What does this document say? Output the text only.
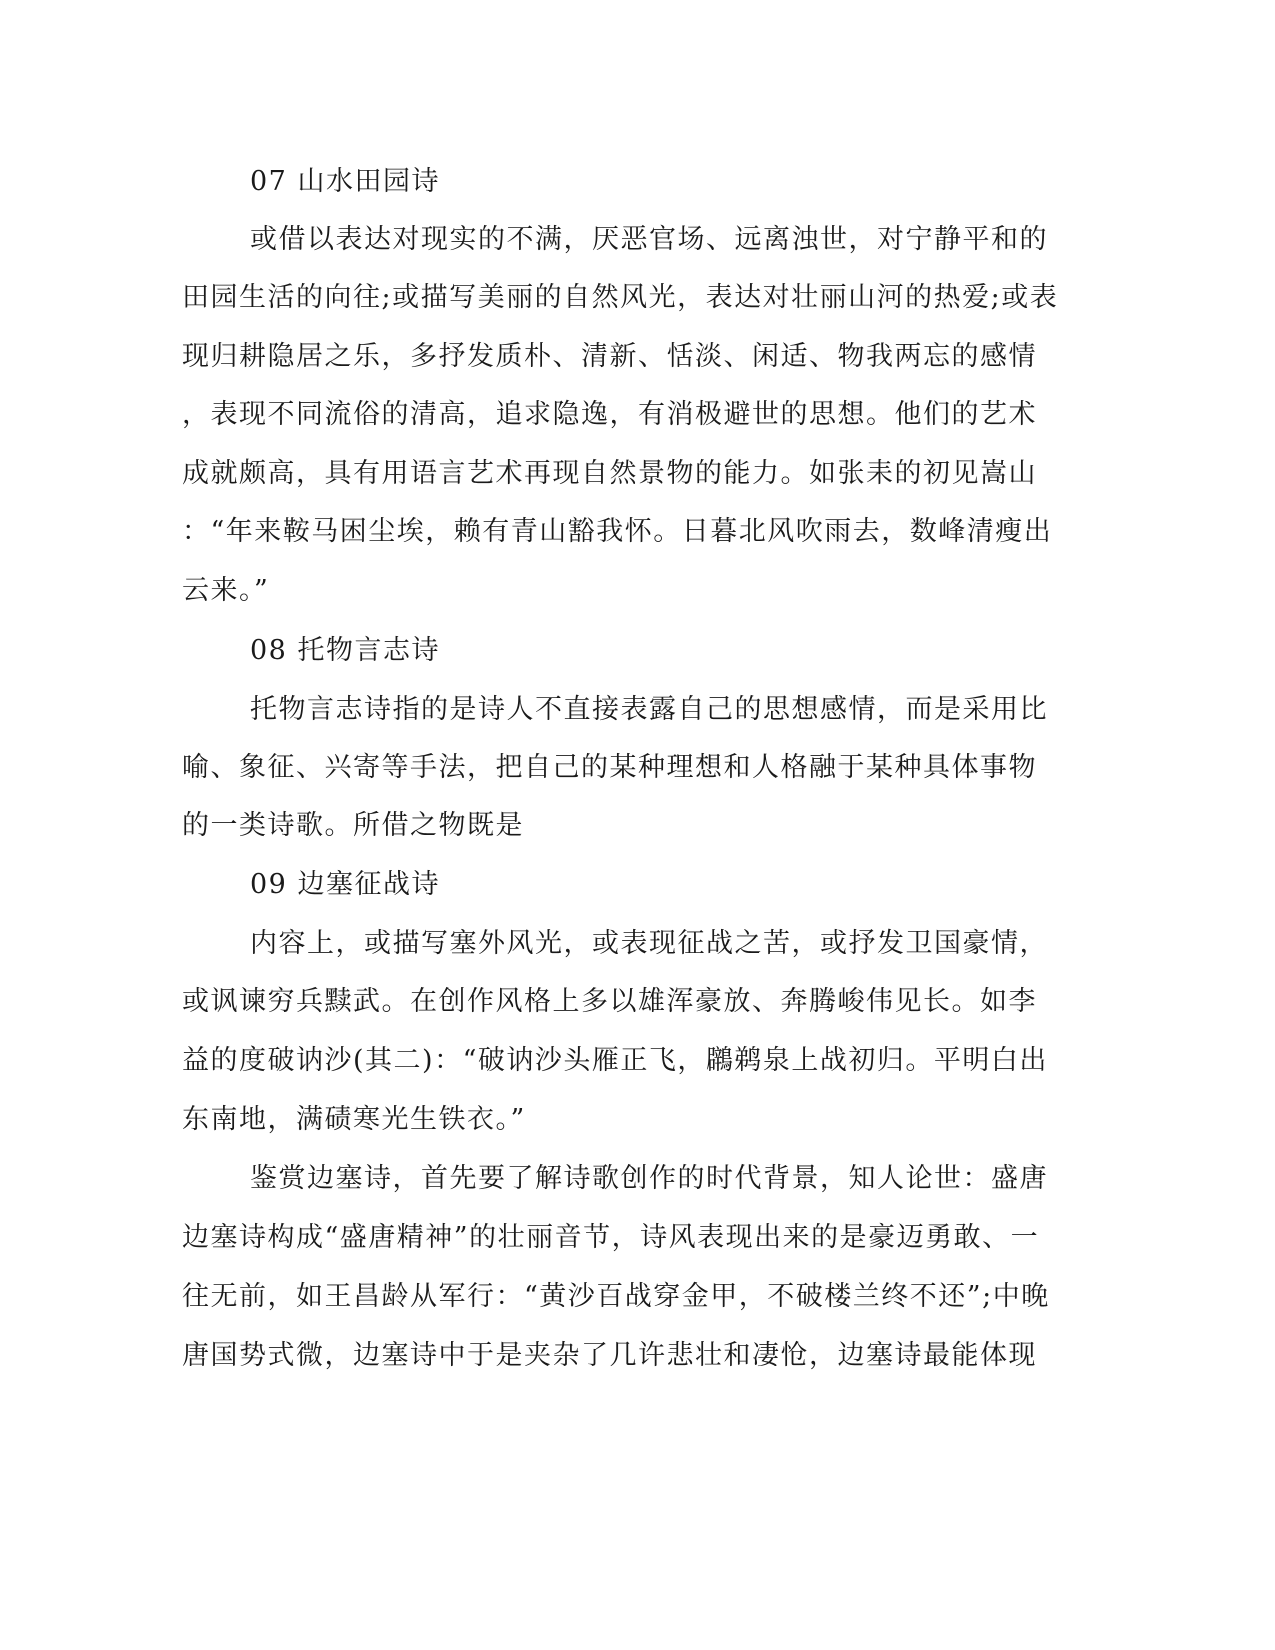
07 山水田园诗
或借以表达对现实的不满，厌恶官场、远离浊世，对宁静平和的
田园生活的向往;或描写美丽的自然风光，表达对壮丽山河的热爱;或表
现归耕隐居之乐，多抒发质朴、清新、恬淡、闲适、物我两忘的感情
，表现不同流俗的清高，追求隐逸，有消极避世的思想。他们的艺术
成就颇高，具有用语言艺术再现自然景物的能力。如张耒的初见嵩山
：“年来鞍马困尘埃，赖有青山豁我怀。日暮北风吹雨去，数峰清瘦出
云来。”
08 托物言志诗
托物言志诗指的是诗人不直接表露自己的思想感情，而是采用比
喻、象征、兴寄等手法，把自己的某种理想和人格融于某种具体事物
的一类诗歌。所借之物既是
09 边塞征战诗
内容上，或描写塞外风光，或表现征战之苦，或抒发卫国豪情，
或讽谏穷兵黩武。在创作风格上多以雄浑豪放、奔腾峻伟见长。如李
益的度破讷沙(其二)：“破讷沙头雁正飞，鸊鹈泉上战初归。平明白出
东南地，满碛寒光生铁衣。”
鉴赏边塞诗，首先要了解诗歌创作的时代背景，知人论世：盛唐
边塞诗构成“盛唐精神”的壮丽音节，诗风表现出来的是豪迈勇敢、一
往无前，如王昌龄从军行：“黄沙百战穿金甲，不破楼兰终不还”;中晚
唐国势式微，边塞诗中于是夹杂了几许悲壮和凄怆，边塞诗最能体现
